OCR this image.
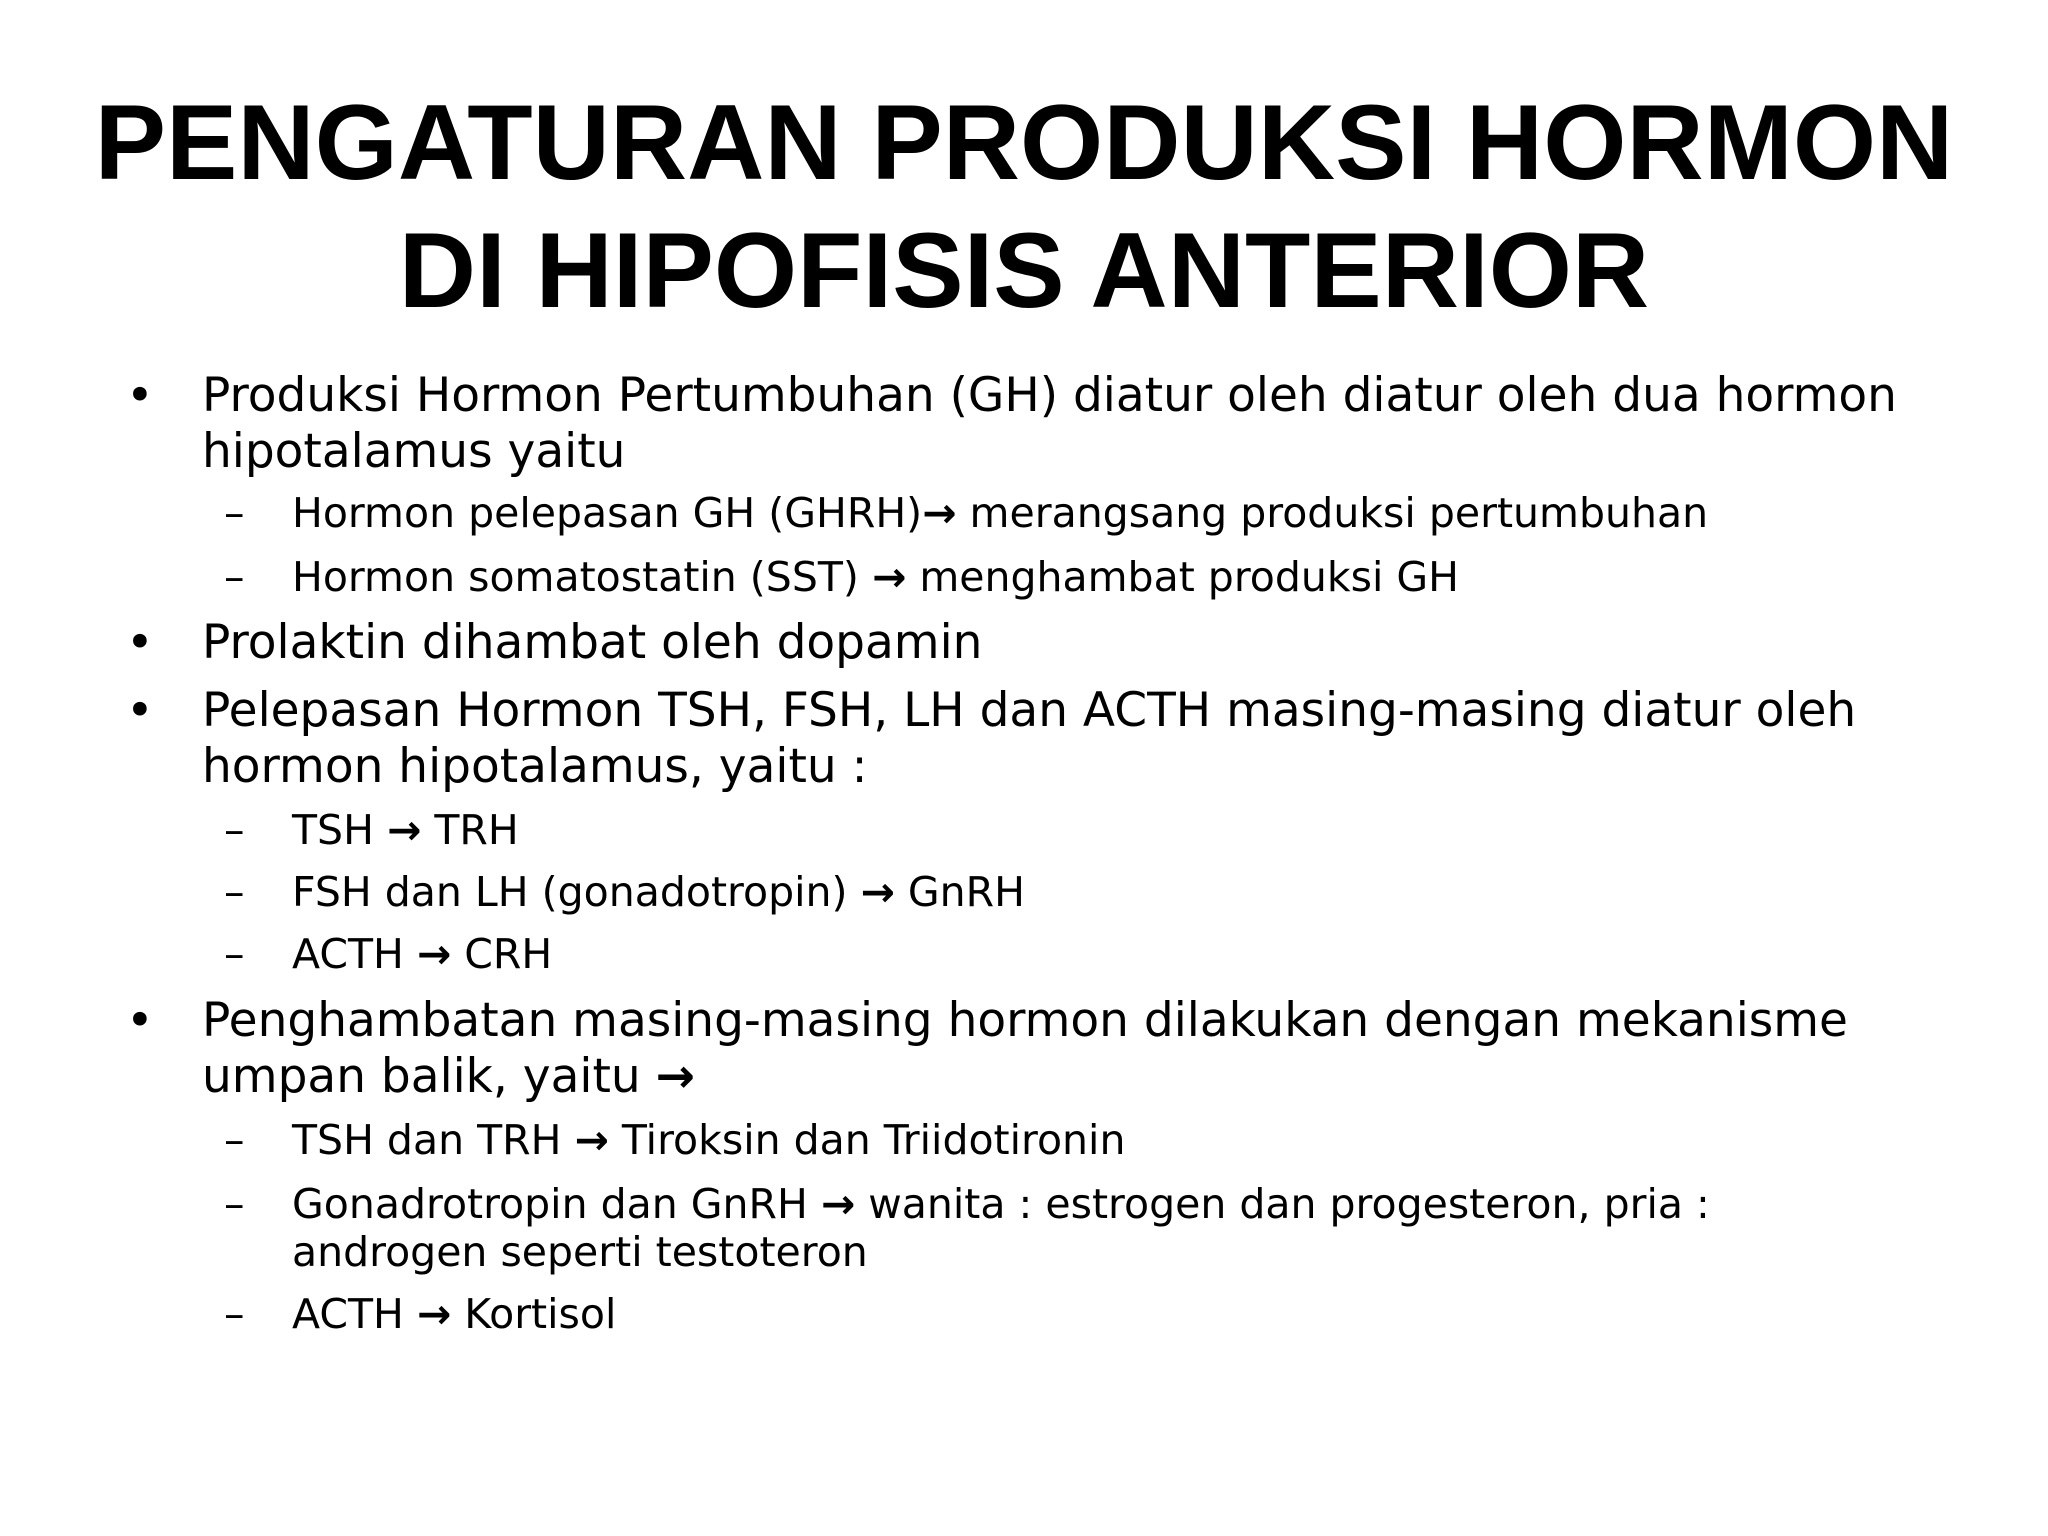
PENGATURAN PRODUKSI HORMON
DI HIPOFISIS ANTERIOR
• Produksi Hormon Pertumbuhan (GH) diatur oleh diatur oleh dua hormon
hipotalamus yaitu
– Hormon pelepasan GH (GHRH)→ merangsang produksi pertumbuhan
– Hormon somatostatin (SST) → menghambat produksi GH
• Prolaktin dihambat oleh dopamin
• Pelepasan Hormon TSH, FSH, LH dan ACTH masing-masing diatur oleh
hormon hipotalamus, yaitu :
– TSH → TRH
– FSH dan LH (gonadotropin) → GnRH
– ACTH → CRH
• Penghambatan masing-masing hormon dilakukan dengan mekanisme
umpan balik, yaitu →
– TSH dan TRH → Tiroksin dan Triidotironin
– Gonadrotropin dan GnRH → wanita : estrogen dan progesteron, pria :
androgen seperti testoteron
– ACTH → Kortisol
